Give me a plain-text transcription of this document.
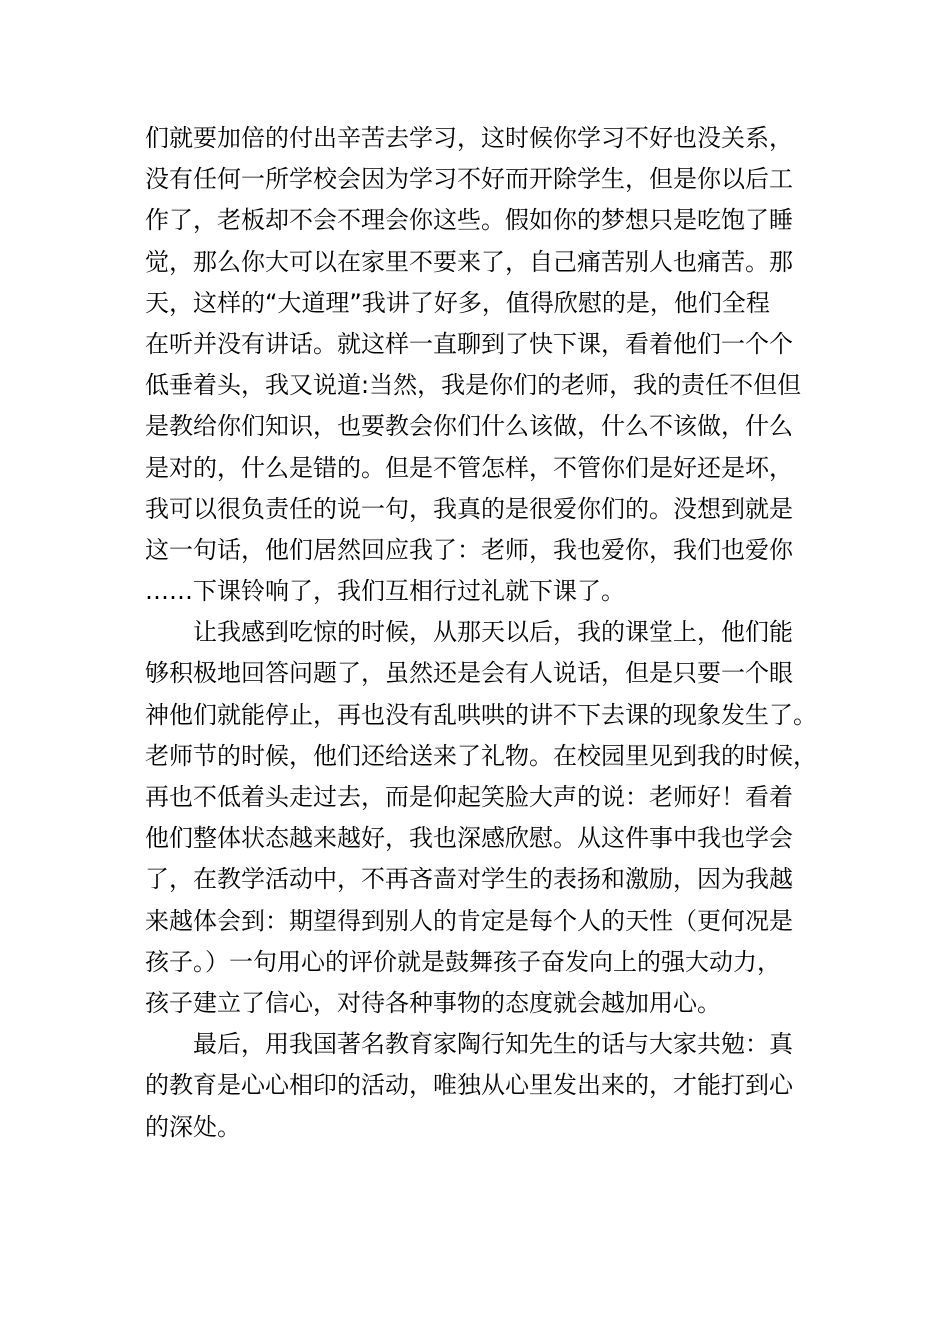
们就要加倍的付出辛苦去学习，这时候你学习不好也没关系，
没有任何一所学校会因为学习不好而开除学生，但是你以后工
作了，老板却不会不理会你这些。假如你的梦想只是吃饱了睡
觉，那么你大可以在家里不要来了，自己痛苦别人也痛苦。那
天，这样的“大道理”我讲了好多，值得欣慰的是，他们全程
在听并没有讲话。就这样一直聊到了快下课，看着他们一个个
低垂着头，我又说道:当然，我是你们的老师，我的责任不但但
是教给你们知识，也要教会你们什么该做，什么不该做，什么
是对的，什么是错的。但是不管怎样，不管你们是好还是坏，
我可以很负责任的说一句，我真的是很爱你们的。没想到就是
这一句话，他们居然回应我了：老师，我也爱你，我们也爱你
……下课铃响了，我们互相行过礼就下课了。
让我感到吃惊的时候，从那天以后，我的课堂上，他们能
够积极地回答问题了，虽然还是会有人说话，但是只要一个眼
神他们就能停止，再也没有乱哄哄的讲不下去课的现象发生了。
老师节的时候，他们还给送来了礼物。在校园里见到我的时候，
再也不低着头走过去，而是仰起笑脸大声的说：老师好！看着
他们整体状态越来越好，我也深感欣慰。从这件事中我也学会
了，在教学活动中，不再吝啬对学生的表扬和激励，因为我越
来越体会到：期望得到别人的肯定是每个人的天性（更何况是
孩子。）一句用心的评价就是鼓舞孩子奋发向上的强大动力，
孩子建立了信心，对待各种事物的态度就会越加用心。
最后，用我国著名教育家陶行知先生的话与大家共勉：真
的教育是心心相印的活动，唯独从心里发出来的，才能打到心
的深处。
